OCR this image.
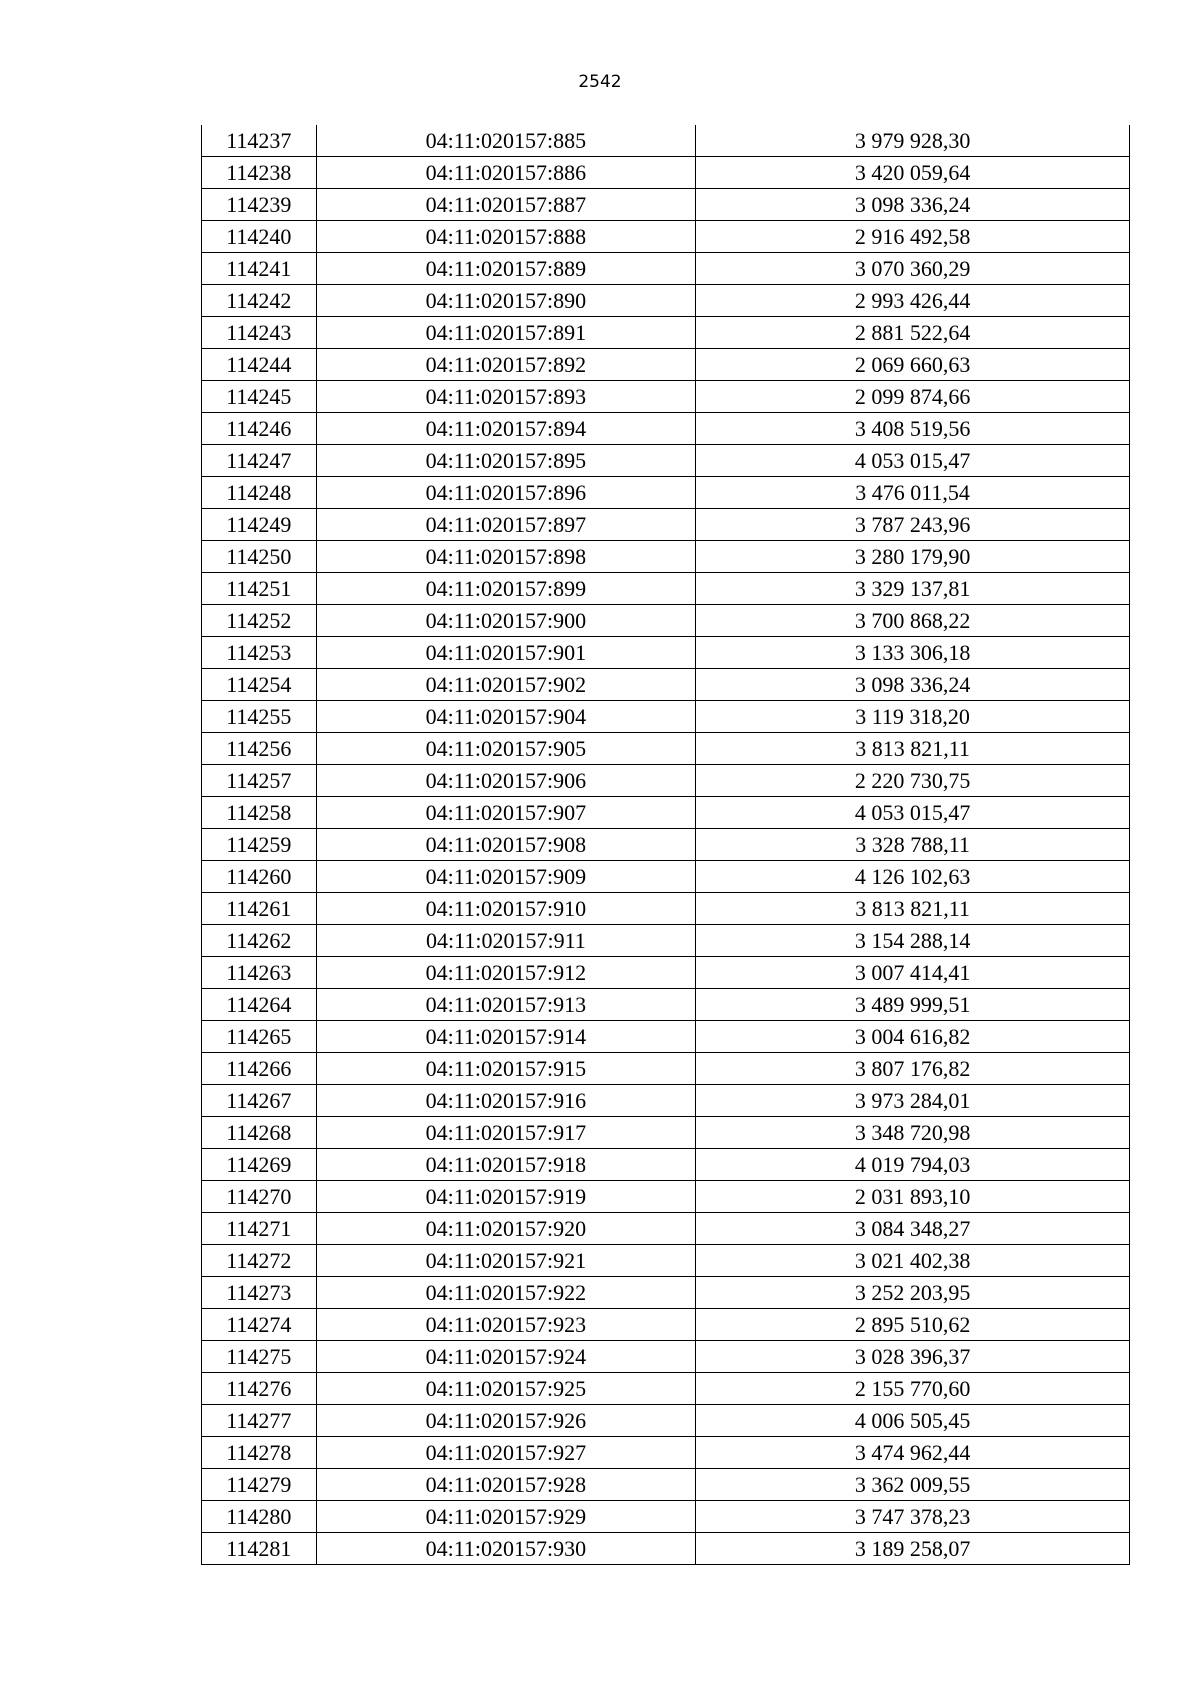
2542
114237	04:11:020157:885	3 979 928,30
114238	04:11:020157:886	3 420 059,64
114239	04:11:020157:887	3 098 336,24
114240	04:11:020157:888	2 916 492,58
114241	04:11:020157:889	3 070 360,29
114242	04:11:020157:890	2 993 426,44
114243	04:11:020157:891	2 881 522,64
114244	04:11:020157:892	2 069 660,63
114245	04:11:020157:893	2 099 874,66
114246	04:11:020157:894	3 408 519,56
114247	04:11:020157:895	4 053 015,47
114248	04:11:020157:896	3 476 011,54
114249	04:11:020157:897	3 787 243,96
114250	04:11:020157:898	3 280 179,90
114251	04:11:020157:899	3 329 137,81
114252	04:11:020157:900	3 700 868,22
114253	04:11:020157:901	3 133 306,18
114254	04:11:020157:902	3 098 336,24
114255	04:11:020157:904	3 119 318,20
114256	04:11:020157:905	3 813 821,11
114257	04:11:020157:906	2 220 730,75
114258	04:11:020157:907	4 053 015,47
114259	04:11:020157:908	3 328 788,11
114260	04:11:020157:909	4 126 102,63
114261	04:11:020157:910	3 813 821,11
114262	04:11:020157:911	3 154 288,14
114263	04:11:020157:912	3 007 414,41
114264	04:11:020157:913	3 489 999,51
114265	04:11:020157:914	3 004 616,82
114266	04:11:020157:915	3 807 176,82
114267	04:11:020157:916	3 973 284,01
114268	04:11:020157:917	3 348 720,98
114269	04:11:020157:918	4 019 794,03
114270	04:11:020157:919	2 031 893,10
114271	04:11:020157:920	3 084 348,27
114272	04:11:020157:921	3 021 402,38
114273	04:11:020157:922	3 252 203,95
114274	04:11:020157:923	2 895 510,62
114275	04:11:020157:924	3 028 396,37
114276	04:11:020157:925	2 155 770,60
114277	04:11:020157:926	4 006 505,45
114278	04:11:020157:927	3 474 962,44
114279	04:11:020157:928	3 362 009,55
114280	04:11:020157:929	3 747 378,23
114281	04:11:020157:930	3 189 258,07
